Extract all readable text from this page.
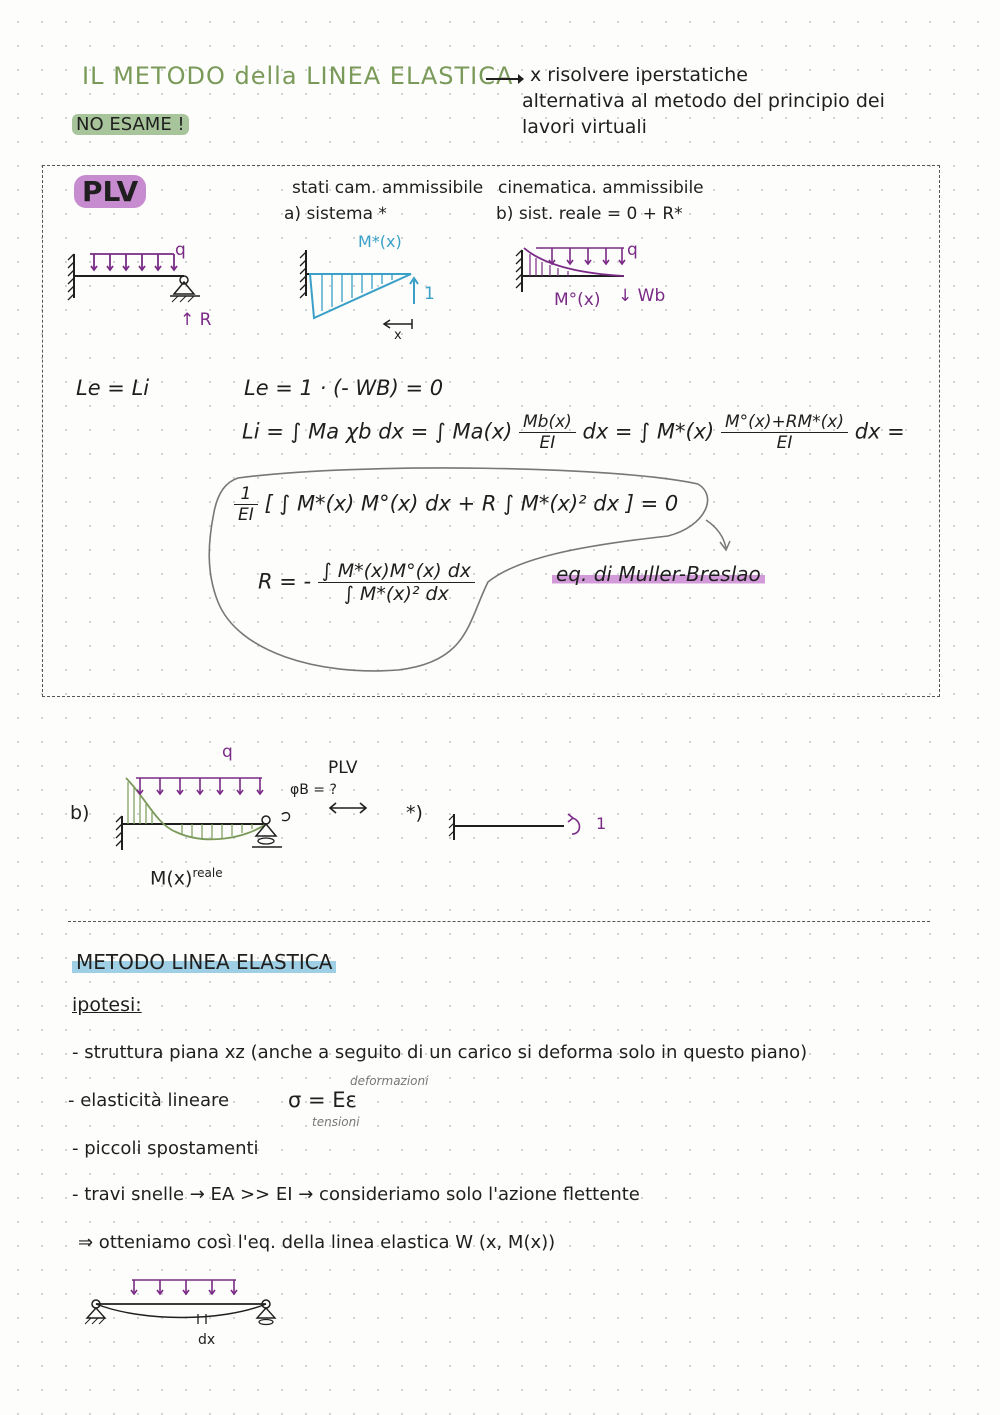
IL METODO della LINEA ELASTICA x risolvere iperstatiche
alternativa al metodo del principio dei
lavori virtuali
NO ESAME !
PLV	stati cam. ammissibile
a) sistema *
cinematica. ammissibile
b) sist. reale = 0 + R*
q
↑ R
M*(x)
1
x
q
M°(x) ↓ Wb
Le = Li	Le = 1 · (- WB) = 0
Li = ∫ Ma χb dx = ∫ $Ma(x) \frac{Mb(x)}{EI}$ dx = ∫ $M*(x) \frac{M^\circ(x)+RM*(x)}{EI}$ dx =
$\frac{1}{EI}$ [ ∫ M*(x) M°(x) dx + R ∫ M*(x)² dx ] = 0
R = - $\frac{\int M*(x)M^\circ(x) dx}{\text{∫ M*(x)² dx}}$	eq. di Muller-Breslao
b)
q
$M(x)^{reale}$
PLV
φB = ?
*)	1
METODO LINEA ELASTICA
ipotesi:
- struttura piana xz (anche a seguito di un carico si deforma solo in questo piano)
- elasticità lineare	σ = Eε
deformazioni
tensioni
- piccoli spostamenti
- travi snelle → EA >> EI → consideriamo solo l'azione flettente
⇒ otteniamo così l'eq. della linea elastica W (x, M(x))
dx
